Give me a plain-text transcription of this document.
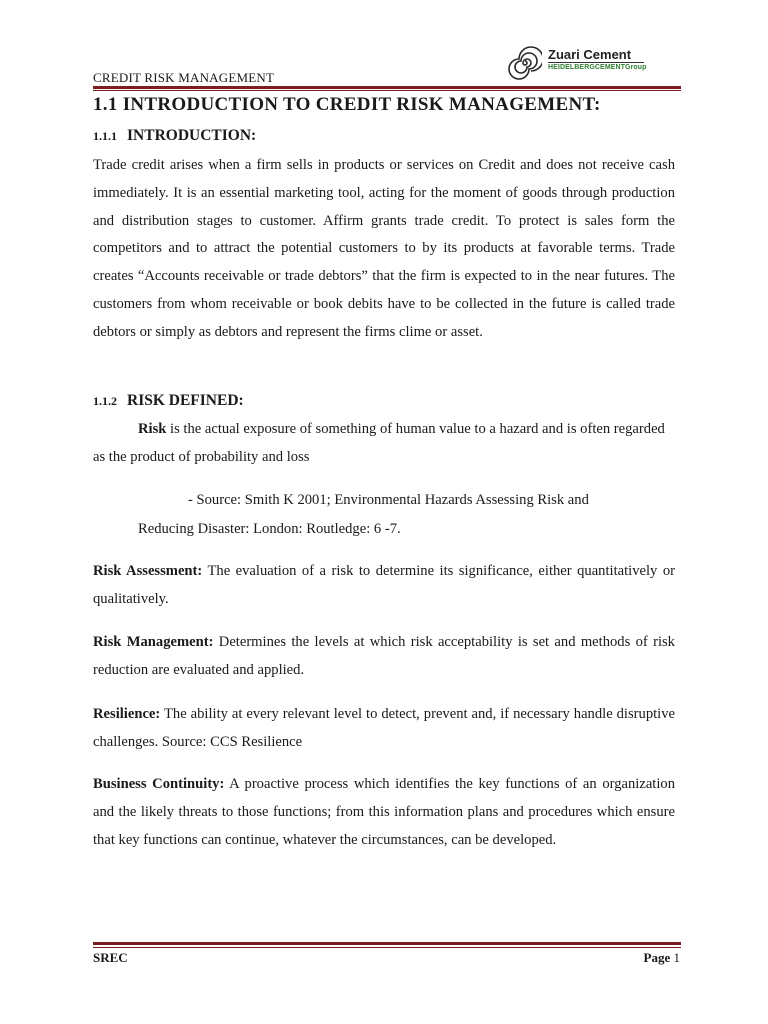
CREDIT RISK MANAGEMENT
Zuari Cement
HEIDELBERGCEMENTGroup
1.1 INTRODUCTION TO CREDIT RISK MANAGEMENT:
1.1.1 INTRODUCTION:

Trade credit arises when a firm sells in products or services on Credit and does not receive cash immediately. It is an essential marketing tool, acting for the moment of goods through production and distribution stages to customer. Affirm grants trade credit. To protect is sales form the competitors and to attract the potential customers to by its products at favorable terms. Trade creates “Accounts receivable or trade debtors” that the firm is expected to in the near futures. The customers from whom receivable or book debits have to be collected in the future is called trade debtors or simply as debtors and represent the firms clime or asset.

1.1.2 RISK DEFINED:

Risk is the actual exposure of something of human value to a hazard and is often regarded as the product of probability and loss

- Source: Smith K 2001; Environmental Hazards Assessing Risk and

Reducing Disaster: London: Routledge: 6 -7.

Risk Assessment: The evaluation of a risk to determine its significance, either quantitatively or qualitatively.

Risk Management: Determines the levels at which risk acceptability is set and methods of risk reduction are evaluated and applied.

Resilience: The ability at every relevant level to detect, prevent and, if necessary handle disruptive challenges. Source: CCS Resilience

Business Continuity: A proactive process which identifies the key functions of an organization and the likely threats to those functions; from this information plans and procedures which ensure that key functions can continue, whatever the circumstances, can be developed.

SREC	Page 1
